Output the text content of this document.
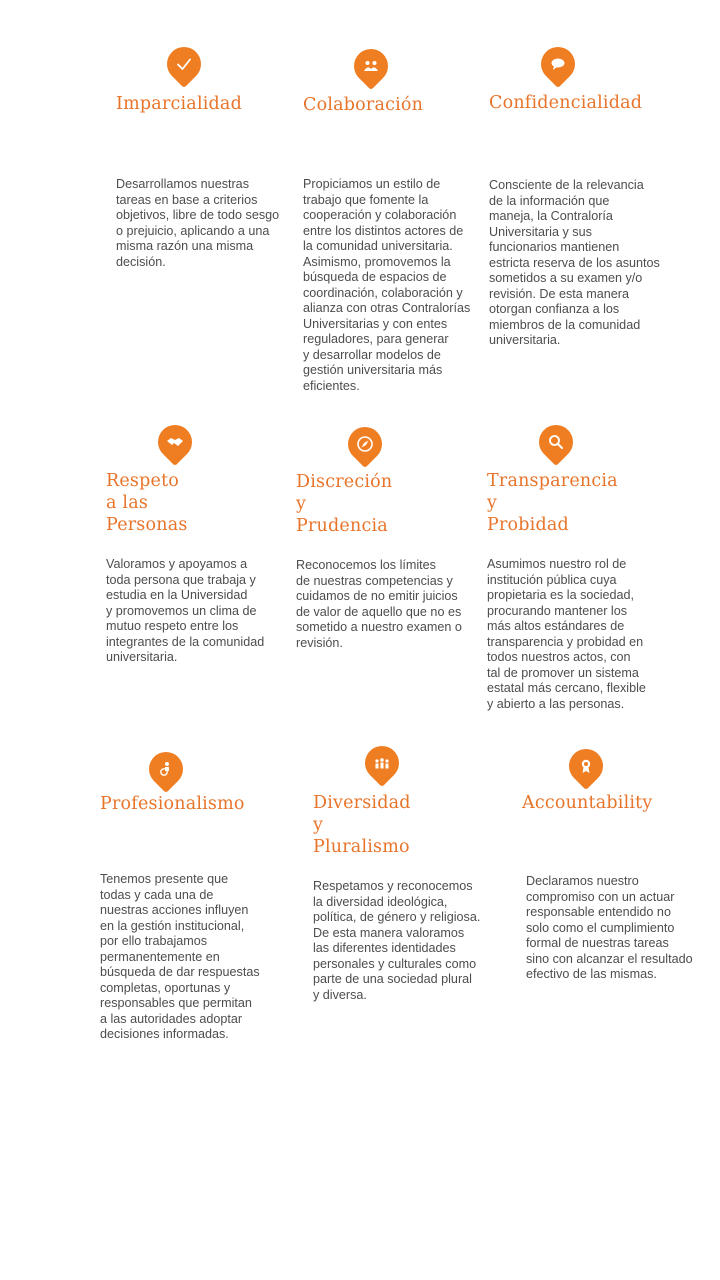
Imparcialidad
Desarrollamos nuestras
tareas en base a criterios
objetivos, libre de todo sesgo
o prejuicio, aplicando a una
misma razón una misma
decisión.
Colaboración
Propiciamos un estilo de
trabajo que fomente la
cooperación y colaboración
entre los distintos actores de
la comunidad universitaria.
Asimismo, promovemos la
búsqueda de espacios de
coordinación, colaboración y
alianza con otras Contralorías
Universitarias y con entes
reguladores, para generar
y desarrollar modelos de
gestión universitaria más
eficientes.
Confidencialidad
Consciente de la relevancia
de la información que
maneja, la Contraloría
Universitaria y sus
funcionarios mantienen
estricta reserva de los asuntos
sometidos a su examen y/o
revisión. De esta manera
otorgan confianza a los
miembros de la comunidad
universitaria.
Respeto a las
Personas
Valoramos y apoyamos a
toda persona que trabaja y
estudia en la Universidad
y promovemos un clima de
mutuo respeto entre los
integrantes de la comunidad
universitaria.
Discreción y
Prudencia
Reconocemos los límites
de nuestras competencias y
cuidamos de no emitir juicios
de valor de aquello que no es
sometido a nuestro examen o
revisión.
Transparencia y
Probidad
Asumimos nuestro rol de
institución pública cuya
propietaria es la sociedad,
procurando mantener los
más altos estándares de
transparencia y probidad en
todos nuestros actos, con
tal de promover un sistema
estatal más cercano, flexible
y abierto a las personas.
Profesionalismo
Tenemos presente que
todas y cada una de
nuestras acciones influyen
en la gestión institucional,
por ello trabajamos
permanentemente en
búsqueda de dar respuestas
completas, oportunas y
responsables que permitan
a las autoridades adoptar
decisiones informadas.
Diversidad y
Pluralismo
Respetamos y reconocemos
la diversidad ideológica,
política, de género y religiosa.
De esta manera valoramos
las diferentes identidades
personales y culturales como
parte de una sociedad plural
y diversa.
Accountability
Declaramos nuestro
compromiso con un actuar
responsable entendido no
solo como el cumplimiento
formal de nuestras tareas
sino con alcanzar el resultado
efectivo de las mismas.
